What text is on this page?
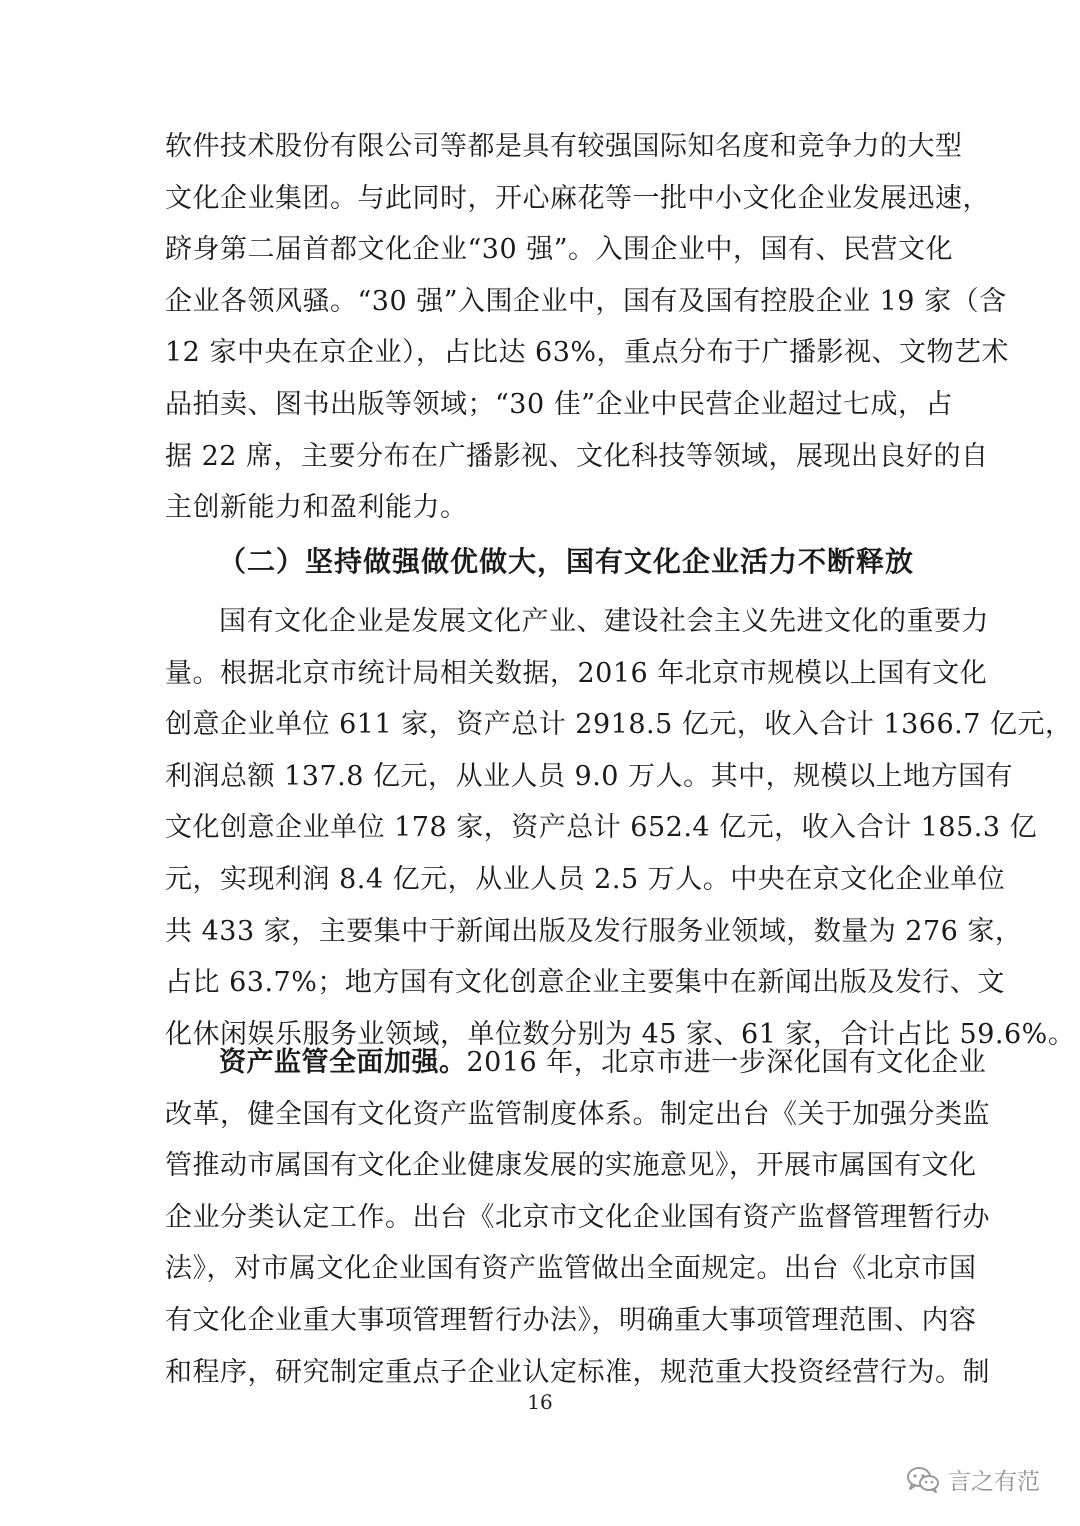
软件技术股份有限公司等都是具有较强国际知名度和竞争力的大型
文化企业集团。与此同时，开心麻花等一批中小文化企业发展迅速，
跻身第二届首都文化企业“30 强”。入围企业中，国有、民营文化
企业各领风骚。“30 强”入围企业中，国有及国有控股企业 19 家（含
12 家中央在京企业），占比达 63%，重点分布于广播影视、文物艺术
品拍卖、图书出版等领域；“30 佳”企业中民营企业超过七成，占
据 22 席，主要分布在广播影视、文化科技等领域，展现出良好的自
主创新能力和盈利能力。
（二）坚持做强做优做大，国有文化企业活力不断释放
国有文化企业是发展文化产业、建设社会主义先进文化的重要力
量。根据北京市统计局相关数据，2016 年北京市规模以上国有文化
创意企业单位 611 家，资产总计 2918.5 亿元，收入合计 1366.7 亿元，
利润总额 137.8 亿元，从业人员 9.0 万人。其中，规模以上地方国有
文化创意企业单位 178 家，资产总计 652.4 亿元，收入合计 185.3 亿
元，实现利润 8.4 亿元，从业人员 2.5 万人。中央在京文化企业单位
共 433 家，主要集中于新闻出版及发行服务业领域，数量为 276 家，
占比 63.7%；地方国有文化创意企业主要集中在新闻出版及发行、文
化休闲娱乐服务业领域，单位数分别为 45 家、61 家，合计占比 59.6%。
资产监管全面加强。2016 年，北京市进一步深化国有文化企业
改革，健全国有文化资产监管制度体系。制定出台《关于加强分类监
管推动市属国有文化企业健康发展的实施意见》，开展市属国有文化
企业分类认定工作。出台《北京市文化企业国有资产监督管理暂行办
法》，对市属文化企业国有资产监管做出全面规定。出台《北京市国
有文化企业重大事项管理暂行办法》，明确重大事项管理范围、内容
和程序，研究制定重点子企业认定标准，规范重大投资经营行为。制
16
言之有范
